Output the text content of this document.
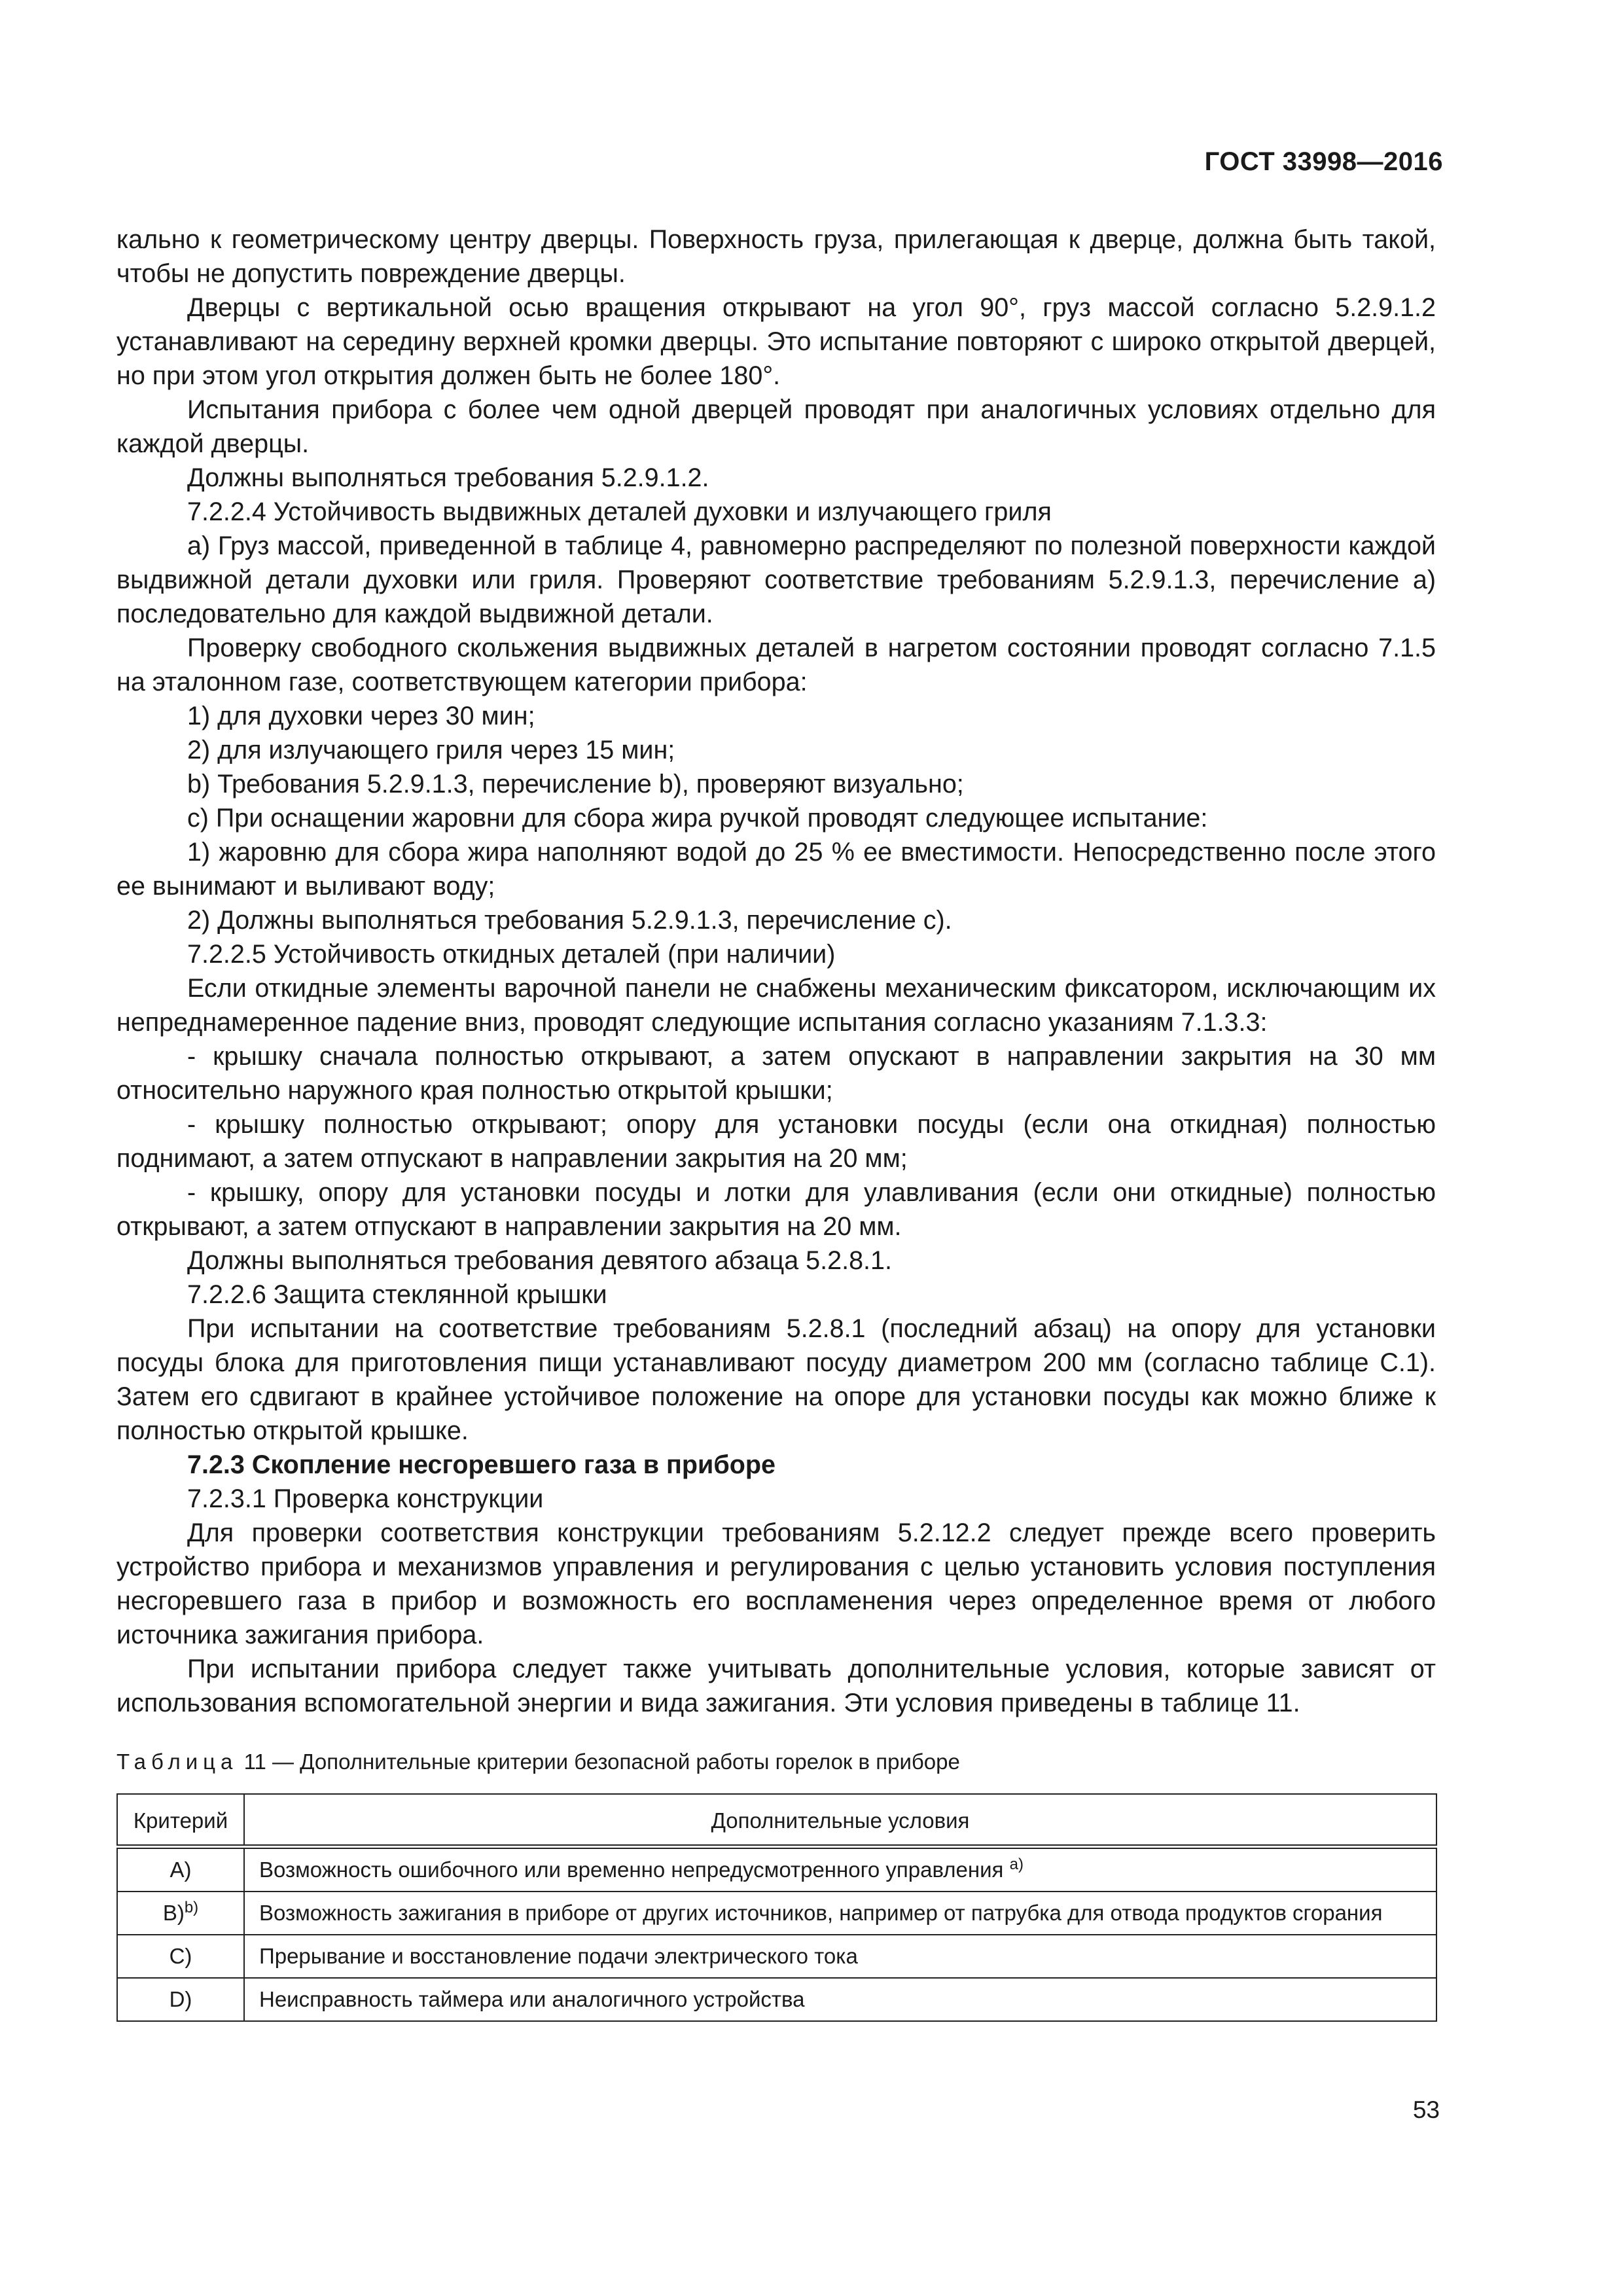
ГОСТ 33998—2016

кально к геометрическому центру дверцы. Поверхность груза, прилегающая к дверце, должна быть такой, чтобы не допустить повреждение дверцы.

Дверцы с вертикальной осью вращения открывают на угол 90°, груз массой согласно 5.2.9.1.2 устанавливают на середину верхней кромки дверцы. Это испытание повторяют с широко открытой дверцей, но при этом угол открытия должен быть не более 180°.

Испытания прибора с более чем одной дверцей проводят при аналогичных условиях отдельно для каждой дверцы.

Должны выполняться требования 5.2.9.1.2.

7.2.2.4 Устойчивость выдвижных деталей духовки и излучающего гриля

а) Груз массой, приведенной в таблице 4, равномерно распределяют по полезной поверхности каждой выдвижной детали духовки или гриля. Проверяют соответствие требованиям 5.2.9.1.3, перечисление а) последовательно для каждой выдвижной детали.

Проверку свободного скольжения выдвижных деталей в нагретом состоянии проводят согласно 7.1.5 на эталонном газе, соответствующем категории прибора:

1) для духовки через 30 мин;

2) для излучающего гриля через 15 мин;

b) Требования 5.2.9.1.3, перечисление b), проверяют визуально;

c) При оснащении жаровни для сбора жира ручкой проводят следующее испытание:

1) жаровню для сбора жира наполняют водой до 25 % ее вместимости. Непосредственно после этого ее вынимают и выливают воду;

2) Должны выполняться требования 5.2.9.1.3, перечисление с).

7.2.2.5 Устойчивость откидных деталей (при наличии)

Если откидные элементы варочной панели не снабжены механическим фиксатором, исключающим их непреднамеренное падение вниз, проводят следующие испытания согласно указаниям 7.1.3.3:

- крышку сначала полностью открывают, а затем опускают в направлении закрытия на 30 мм относительно наружного края полностью открытой крышки;

- крышку полностью открывают; опору для установки посуды (если она откидная) полностью поднимают, а затем отпускают в направлении закрытия на 20 мм;

- крышку, опору для установки посуды и лотки для улавливания (если они откидные) полностью открывают, а затем отпускают в направлении закрытия на 20 мм.

Должны выполняться требования девятого абзаца 5.2.8.1.

7.2.2.6 Защита стеклянной крышки

При испытании на соответствие требованиям 5.2.8.1 (последний абзац) на опору для установки посуды блока для приготовления пищи устанавливают посуду диаметром 200 мм (согласно таблице С.1). Затем его сдвигают в крайнее устойчивое положение на опоре для установки посуды как можно ближе к полностью открытой крышке.

7.2.3 Скопление несгоревшего газа в приборе

7.2.3.1 Проверка конструкции

Для проверки соответствия конструкции требованиям 5.2.12.2 следует прежде всего проверить устройство прибора и механизмов управления и регулирования с целью установить условия поступления несгоревшего газа в прибор и возможность его воспламенения через определенное время от любого источника зажигания прибора.

При испытании прибора следует также учитывать дополнительные условия, которые зависят от использования вспомогательной энергии и вида зажигания. Эти условия приведены в таблице 11.

Таблица 11 — Дополнительные критерии безопасной работы горелок в приборе
Критерий	Дополнительные условия
A)	Возможность ошибочного или временно непредусмотренного управления $^{а)}$
B)$^{b)}$	Возможность зажигания в приборе от других источников, например от патрубка для отвода продуктов сгорания
C)	Прерывание и восстановление подачи электрического тока
D)	Неисправность таймера или аналогичного устройства
53
